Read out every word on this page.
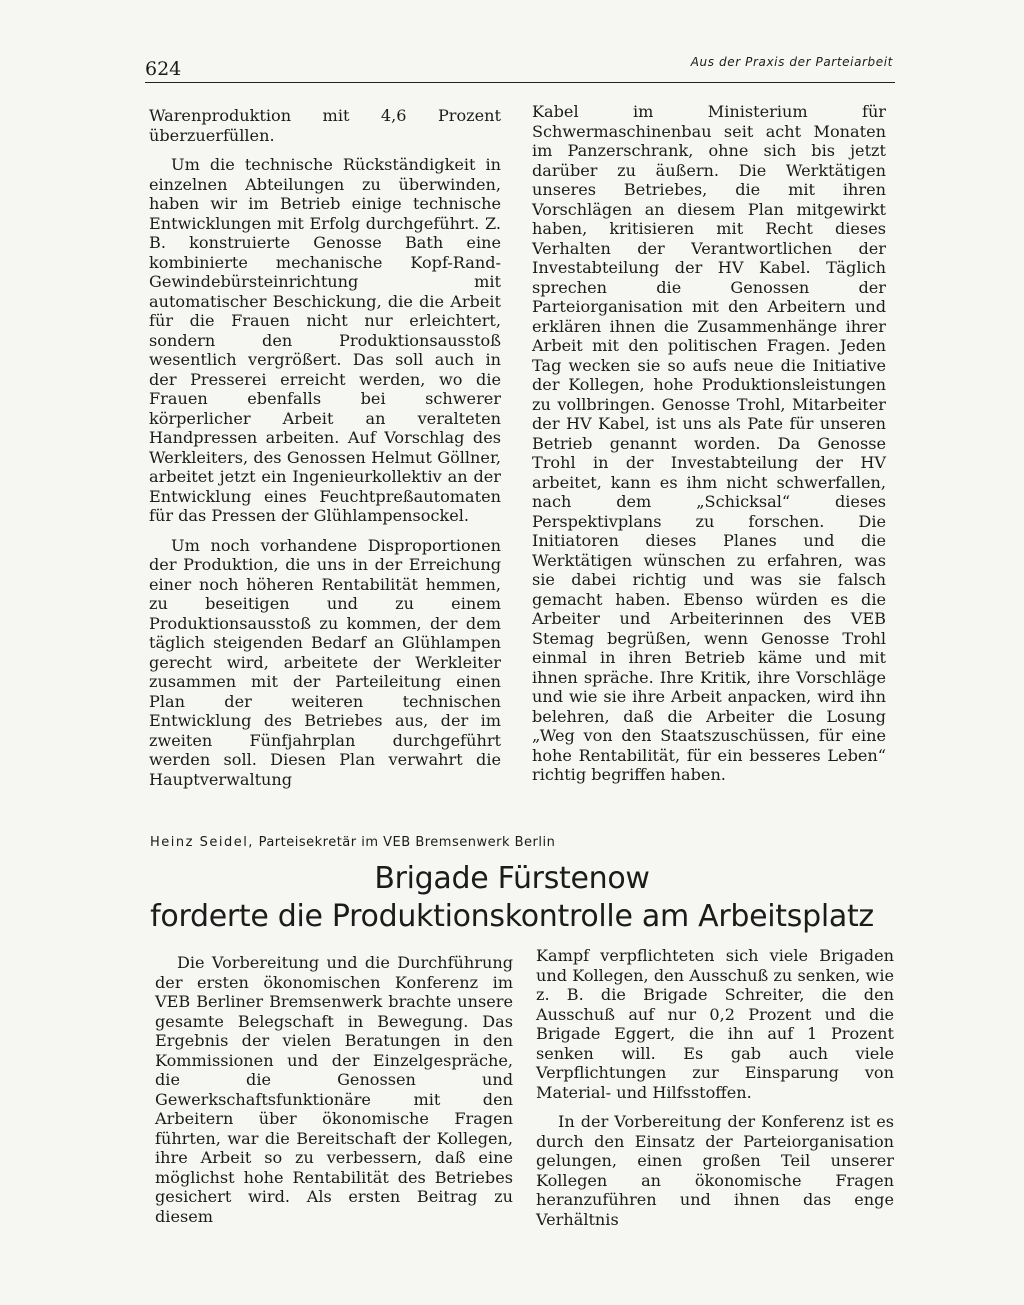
624	Aus der Praxis der Parteiarbeit

Warenproduktion mit 4,6 Prozent überzuerfüllen.

Um die technische Rückständigkeit in einzelnen Abteilungen zu überwinden, haben wir im Betrieb einige technische Entwicklungen mit Erfolg durchgeführt. Z. B. konstruierte Genosse Bath eine kombinierte mechanische Kopf-Rand-Gewindebürsteinrichtung mit automatischer Beschickung, die die Arbeit für die Frauen nicht nur erleichtert, sondern den Produktionsausstoß wesentlich vergrößert. Das soll auch in der Presserei erreicht werden, wo die Frauen ebenfalls bei schwerer körperlicher Arbeit an veralteten Handpressen arbeiten. Auf Vorschlag des Werkleiters, des Genossen Helmut Göllner, arbeitet jetzt ein Ingenieurkollektiv an der Entwicklung eines Feuchtpreßautomaten für das Pressen der Glühlampensockel.

Um noch vorhandene Disproportionen der Produktion, die uns in der Erreichung einer noch höheren Rentabilität hemmen, zu beseitigen und zu einem Produktionsausstoß zu kommen, der dem täglich steigenden Bedarf an Glühlampen gerecht wird, arbeitete der Werkleiter zusammen mit der Parteileitung einen Plan der weiteren technischen Entwicklung des Betriebes aus, der im zweiten Fünfjahrplan durchgeführt werden soll. Diesen Plan verwahrt die Hauptverwaltung

Kabel im Ministerium für Schwermaschinenbau seit acht Monaten im Panzerschrank, ohne sich bis jetzt darüber zu äußern. Die Werktätigen unseres Betriebes, die mit ihren Vorschlägen an diesem Plan mitgewirkt haben, kritisieren mit Recht dieses Verhalten der Verantwortlichen der Investabteilung der HV Kabel. Täglich sprechen die Genossen der Parteiorganisation mit den Arbeitern und erklären ihnen die Zusammenhänge ihrer Arbeit mit den politischen Fragen. Jeden Tag wecken sie so aufs neue die Initiative der Kollegen, hohe Produktionsleistungen zu vollbringen. Genosse Trohl, Mitarbeiter der HV Kabel, ist uns als Pate für unseren Betrieb genannt worden. Da Genosse Trohl in der Investabteilung der HV arbeitet, kann es ihm nicht schwerfallen, nach dem „Schicksal“ dieses Perspektivplans zu forschen. Die Initiatoren dieses Planes und die Werktätigen wünschen zu erfahren, was sie dabei richtig und was sie falsch gemacht haben. Ebenso würden es die Arbeiter und Arbeiterinnen des VEB Stemag begrüßen, wenn Genosse Trohl einmal in ihren Betrieb käme und mit ihnen spräche. Ihre Kritik, ihre Vorschläge und wie sie ihre Arbeit anpacken, wird ihn belehren, daß die Arbeiter die Losung „Weg von den Staatszuschüssen, für eine hohe Rentabilität, für ein besseres Leben“ richtig begriffen haben.

Heinz Seidel, Parteisekretär im VEB Bremsenwerk Berlin
Brigade Fürstenow
forderte die Produktionskontrolle am Arbeitsplatz

Die Vorbereitung und die Durchführung der ersten ökonomischen Konferenz im VEB Berliner Bremsenwerk brachte unsere gesamte Belegschaft in Bewegung. Das Ergebnis der vielen Beratungen in den Kommissionen und der Einzelgespräche, die die Genossen und Gewerkschaftsfunktionäre mit den Arbeitern über ökonomische Fragen führten, war die Bereitschaft der Kollegen, ihre Arbeit so zu verbessern, daß eine möglichst hohe Rentabilität des Betriebes gesichert wird. Als ersten Beitrag zu diesem

Kampf verpflichteten sich viele Brigaden und Kollegen, den Ausschuß zu senken, wie z. B. die Brigade Schreiter, die den Ausschuß auf nur 0,2 Prozent und die Brigade Eggert, die ihn auf 1 Prozent senken will. Es gab auch viele Verpflichtungen zur Einsparung von Material- und Hilfsstoffen.

In der Vorbereitung der Konferenz ist es durch den Einsatz der Parteiorganisation gelungen, einen großen Teil unserer Kollegen an ökonomische Fragen heranzuführen und ihnen das enge Verhältnis
